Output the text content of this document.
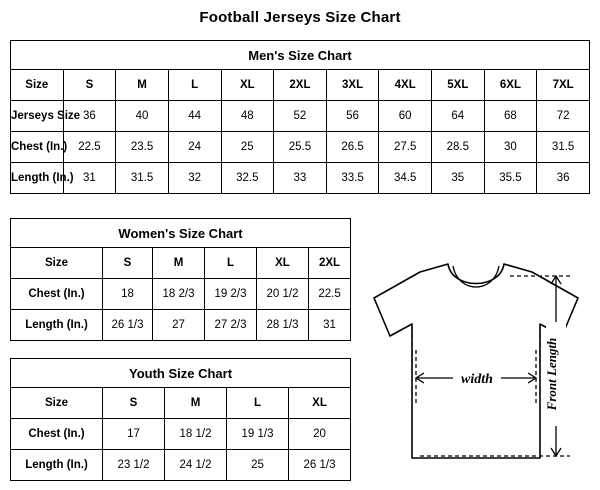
Football Jerseys Size Chart
Men's Size Chart										
Size	S	M	L	XL	2XL	3XL	4XL	5XL	6XL	7XL
Jerseys Size	36	40	44	48	52	56	60	64	68	72
Chest (In.)	22.5	23.5	24	25	25.5	26.5	27.5	28.5	30	31.5
Length (In.)	31	31.5	32	32.5	33	33.5	34.5	35	35.5	36
Women's Size Chart					
Size	S	M	L	XL	2XL
Chest (In.)	18	18 2/3	19 2/3	20 1/2	22.5
Length (In.)	26 1/3	27	27 2/3	28 1/3	31
Youth Size Chart				
Size	S	M	L	XL
Chest (In.)	17	18 1/2	19 1/3	20
Length (In.)	23 1/2	24 1/2	25	26 1/3
width	Front Length
